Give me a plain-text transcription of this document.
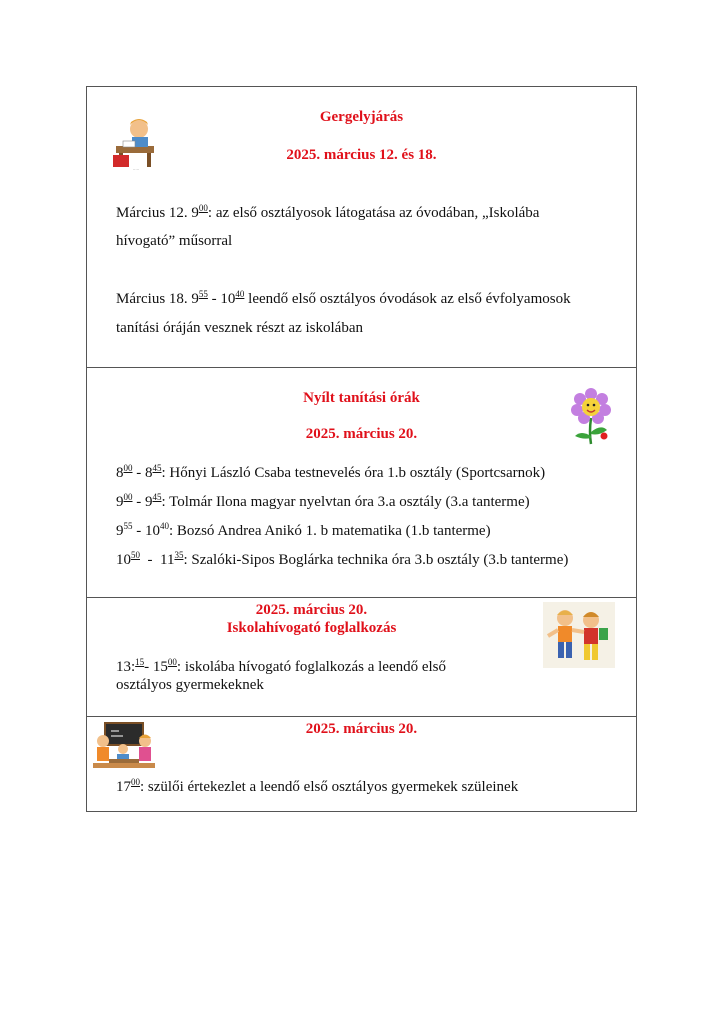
·····
Gergelyjárás
2025. március 12. és 18.
Március 12. $9^{00}$: az első osztályosok látogatása az óvodában, „Iskolába
hívogató” műsorral
Március 18. $9^{55} - 10^{40}$ leendő első osztályos óvodások az első évfolyamosok
tanítási óráján vesznek részt az iskolában
Nyílt tanítási órák
2025. március 20.
$8^{00} - 8^{45}$: Hőnyi László Csaba testnevelés óra 1.b osztály (Sportcsarnok)
$9^{00} - 9^{45}$: Tolmár Ilona magyar nyelvtan óra 3.a osztály (3.a tanterme)
$9^{55} - 10^{40}$: Bozsó Andrea Anikó 1. b matematika (1.b tanterme)
$10^{50} - 11^{35}$: Szalóki-Sipos Boglárka technika óra 3.b osztály (3.b tanterme)
2025. március 20.
Iskolahívogató foglalkozás
13:$^{15}$- $15^{00}$: iskolába hívogató foglalkozás a leendő első
osztályos gyermekeknek
2025. március 20.
$17^{00}$: szülői értekezlet a leendő első osztályos gyermekek szüleinek
